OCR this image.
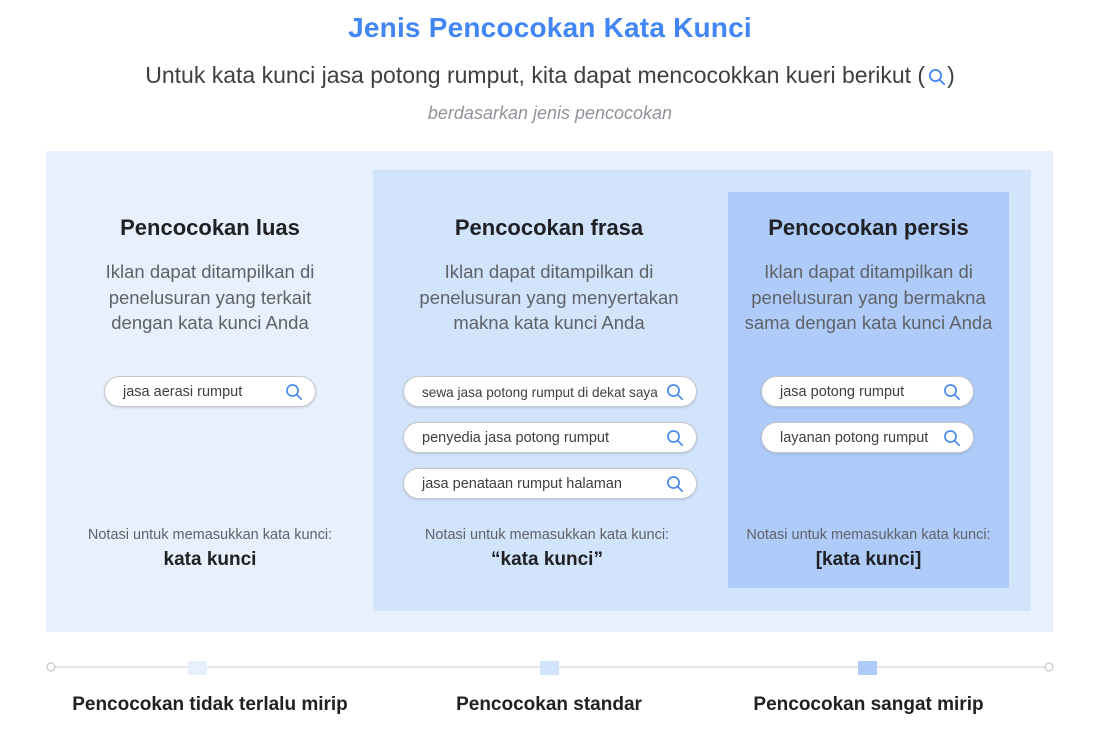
Jenis Pencocokan Kata Kunci
Untuk kata kunci jasa potong rumput, kita dapat mencocokkan kueri berikut ( )
berdasarkan jenis pencocokan
Pencocokan luas
Iklan dapat ditampilkan di
penelusuran yang terkait
dengan kata kunci Anda
Pencocokan frasa
Iklan dapat ditampilkan di
penelusuran yang menyertakan
makna kata kunci Anda
Pencocokan persis
Iklan dapat ditampilkan di
penelusuran yang bermakna
sama dengan kata kunci Anda
jasa aerasi rumput	sewa jasa potong rumput di dekat saya
penyedia jasa potong rumput
jasa penataan rumput halaman
jasa potong rumput
layanan potong rumput
Notasi untuk memasukkan kata kunci:
kata kunci
Notasi untuk memasukkan kata kunci:
“kata kunci”
Notasi untuk memasukkan kata kunci:
[kata kunci]
Pencocokan tidak terlalu mirip	Pencocokan standar	Pencocokan sangat mirip
